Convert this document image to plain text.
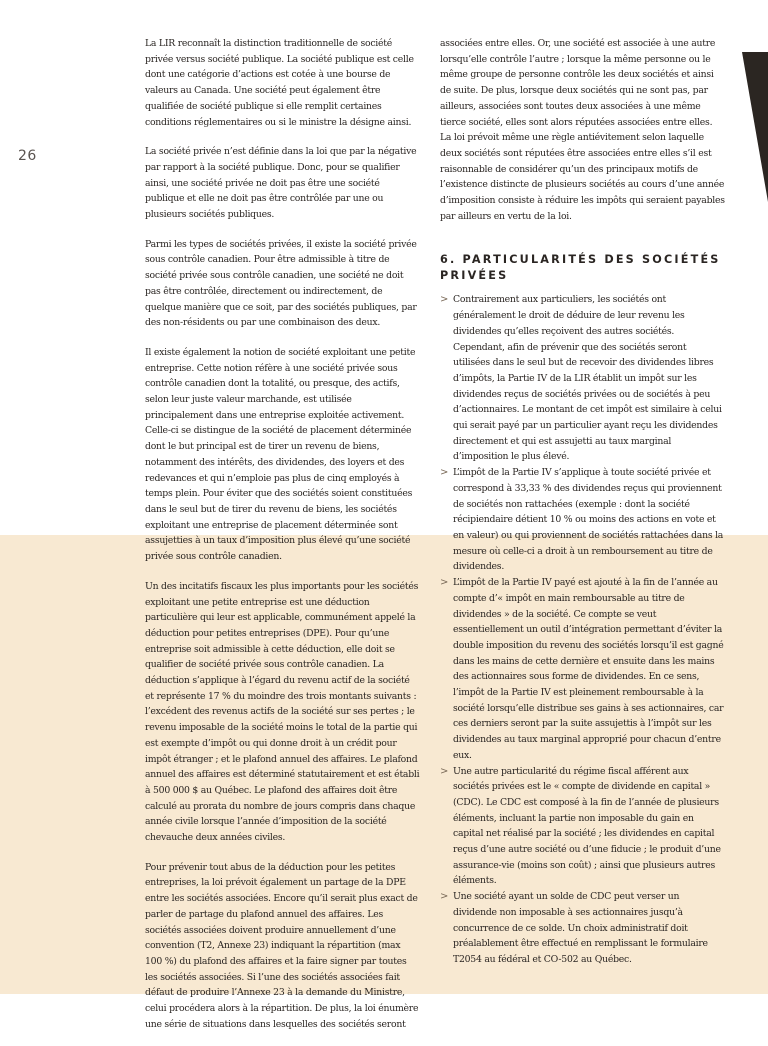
26

La LIR reconnaît la distinction traditionnelle de société privée versus société publique. La société publique est celle dont une catégorie d’actions est cotée à une bourse de valeurs au Canada. Une société peut également être qualifiée de société publique si elle remplit certaines conditions réglementaires ou si le ministre la désigne ainsi.

La société privée n’est définie dans la loi que par la négative par rapport à la société publique. Donc, pour se qualifier ainsi, une société privée ne doit pas être une société publique et elle ne doit pas être contrôlée par une ou plusieurs sociétés publiques.

Parmi les types de sociétés privées, il existe la société privée sous contrôle canadien. Pour être admissible à titre de société privée sous contrôle canadien, une société ne doit pas être contrôlée, directement ou indirectement, de quelque manière que ce soit, par des sociétés publiques, par des non-résidents ou par une combinaison des deux.

Il existe également la notion de société exploitant une petite entreprise. Cette notion réfère à une société privée sous contrôle canadien dont la totalité, ou presque, des actifs, selon leur juste valeur marchande, est utilisée principalement dans une entreprise exploitée activement. Celle-ci se distingue de la société de placement déterminée dont le but principal est de tirer un revenu de biens, notamment des intérêts, des dividendes, des loyers et des redevances et qui n’emploie pas plus de cinq employés à temps plein. Pour éviter que des sociétés soient constituées dans le seul but de tirer du revenu de biens, les sociétés exploitant une entreprise de placement déterminée sont assujetties à un taux d’imposition plus élevé qu’une société privée sous contrôle canadien.

Un des incitatifs fiscaux les plus importants pour les sociétés exploitant une petite entreprise est une déduction particulière qui leur est applicable, communément appelé la déduction pour petites entreprises (DPE). Pour qu’une entreprise soit admissible à cette déduction, elle doit se qualifier de société privée sous contrôle canadien. La déduction s’applique à l’égard du revenu actif de la société et représente 17 % du moindre des trois montants suivants : l’excédent des revenus actifs de la société sur ses pertes ; le revenu imposable de la société moins le total de la partie qui est exempte d’impôt ou qui donne droit à un crédit pour impôt étranger ; et le plafond annuel des affaires. Le plafond annuel des affaires est déterminé statutairement et est établi à 500 000 $ au Québec. Le plafond des affaires doit être calculé au prorata du nombre de jours compris dans chaque année civile lorsque l’année d’imposition de la société chevauche deux années civiles.

Pour prévenir tout abus de la déduction pour les petites entreprises, la loi prévoit également un partage de la DPE entre les sociétés associées. Encore qu’il serait plus exact de parler de partage du plafond annuel des affaires. Les sociétés associées doivent produire annuellement d’une convention (T2, Annexe 23) indiquant la répartition (max 100 %) du plafond des affaires et la faire signer par toutes les sociétés associées. Si l’une des sociétés associées fait défaut de produire l’Annexe 23 à la demande du Ministre, celui procédera alors à la répartition. De plus, la loi énumère une série de situations dans lesquelles des sociétés seront

associées entre elles. Or, une société est associée à une autre lorsqu’elle contrôle l’autre ; lorsque la même personne ou le même groupe de personne contrôle les deux sociétés et ainsi de suite. De plus, lorsque deux sociétés qui ne sont pas, par ailleurs, associées sont toutes deux associées à une même tierce société, elles sont alors réputées associées entre elles. La loi prévoit même une règle antiévitement selon laquelle deux sociétés sont réputées être associées entre elles s’il est raisonnable de considérer qu’un des principaux motifs de l’existence distincte de plusieurs sociétés au cours d’une année d’imposition consiste à réduire les impôts qui seraient payables par ailleurs en vertu de la loi.

6. PARTICULARITÉS DES SOCIÉTÉS PRIVÉES
> Contrairement aux particuliers, les sociétés ont généralement le droit de déduire de leur revenu les dividendes qu’elles reçoivent des autres sociétés. Cependant, afin de prévenir que des sociétés seront utilisées dans le seul but de recevoir des dividendes libres d’impôts, la Partie IV de la LIR établit un impôt sur les dividendes reçus de sociétés privées ou de sociétés à peu d’actionnaires. Le montant de cet impôt est similaire à celui qui serait payé par un particulier ayant reçu les dividendes directement et qui est assujetti au taux marginal d’imposition le plus élevé.
> L’impôt de la Partie IV s’applique à toute société privée et correspond à 33,33 % des dividendes reçus qui proviennent de sociétés non rattachées (exemple : dont la société récipiendaire détient 10 % ou moins des actions en vote et en valeur) ou qui proviennent de sociétés rattachées dans la mesure où celle-ci a droit à un remboursement au titre de dividendes.
> L’impôt de la Partie IV payé est ajouté à la fin de l’année au compte d’« impôt en main remboursable au titre de dividendes » de la société. Ce compte se veut essentiellement un outil d’intégration permettant d’éviter la double imposition du revenu des sociétés lorsqu’il est gagné dans les mains de cette dernière et ensuite dans les mains des actionnaires sous forme de dividendes. En ce sens, l’impôt de la Partie IV est pleinement remboursable à la société lorsqu’elle distribue ses gains à ses actionnaires, car ces derniers seront par la suite assujettis à l’impôt sur les dividendes au taux marginal approprié pour chacun d’entre eux.
> Une autre particularité du régime fiscal afférent aux sociétés privées est le « compte de dividende en capital » (CDC). Le CDC est composé à la fin de l’année de plusieurs éléments, incluant la partie non imposable du gain en capital net réalisé par la société ; les dividendes en capital reçus d’une autre société ou d’une fiducie ; le produit d’une assurance-vie (moins son coût) ; ainsi que plusieurs autres éléments.
> Une société ayant un solde de CDC peut verser un dividende non imposable à ses actionnaires jusqu’à concurrence de ce solde. Un choix administratif doit préalablement être effectué en remplissant le formulaire T2054 au fédéral et CO-502 au Québec.
